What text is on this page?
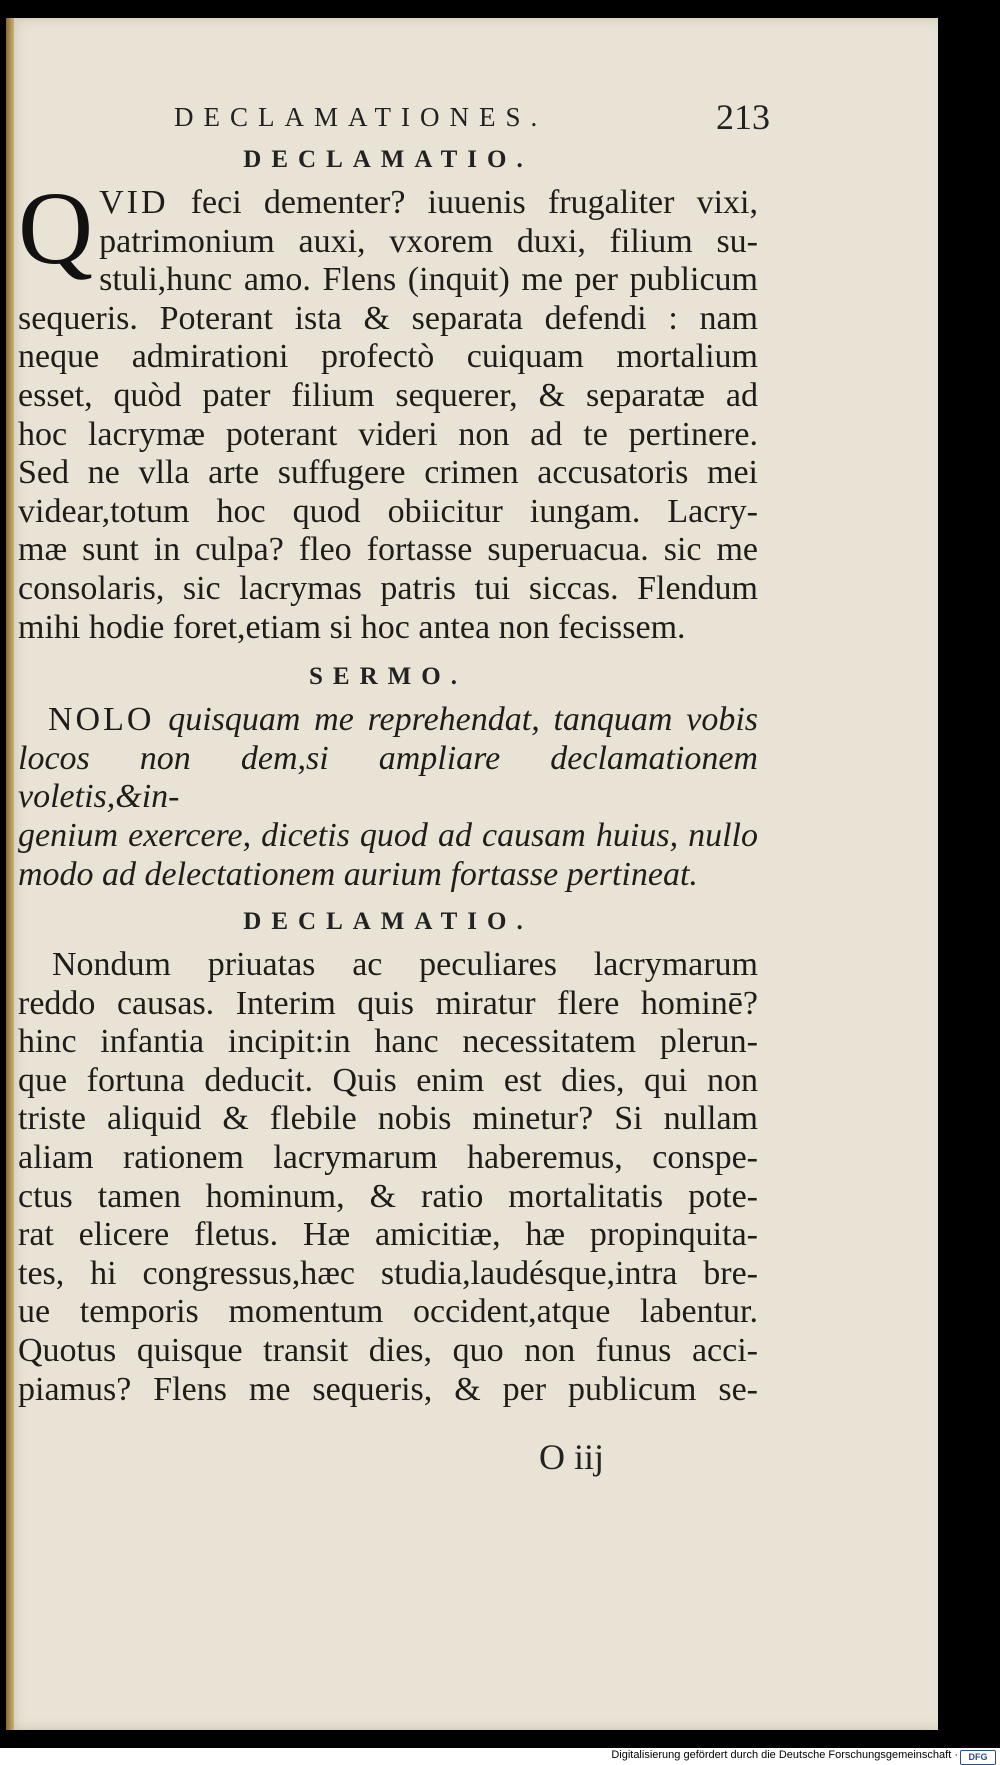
DECLAMATIONES.	213
DECLAMATIO.

Q VID feci dementer? iuuenis frugaliter vixi,

patrimonium auxi, vxorem duxi, filium su-

stuli,hunc amo. Flens (inquit) me per publicum

sequeris. Poterant ista & separata defendi : nam

neque admirationi profectò cuiquam mortalium

esset, quòd pater filium sequerer, & separatæ ad

hoc lacrymæ poterant videri non ad te pertinere.

Sed ne vlla arte suffugere crimen accusatoris mei

videar,totum hoc quod obiicitur iungam. Lacry-

mæ sunt in culpa? fleo fortasse superuacua. sic me

consolaris, sic lacrymas patris tui siccas. Flendum

mihi hodie foret,etiam si hoc antea non fecissem.

SERMO.

NOLO quisquam me reprehendat, tanquam vobis

locos non dem,si ampliare declamationem voletis,&in-

genium exercere, dicetis quod ad causam huius, nullo

modo ad delectationem aurium fortasse pertineat.

DECLAMATIO.

Nondum priuatas ac peculiares lacrymarum

reddo causas. Interim quis miratur flere hominē?

hinc infantia incipit:in hanc necessitatem plerun-

que fortuna deducit. Quis enim est dies, qui non

triste aliquid & flebile nobis minetur? Si nullam

aliam rationem lacrymarum haberemus, conspe-

ctus tamen hominum, & ratio mortalitatis pote-

rat elicere fletus. Hæ amicitiæ, hæ propinquita-

tes, hi congressus,hæc studia,laudésque,intra bre-

ue temporis momentum occident,atque labentur.

Quotus quisque transit dies, quo non funus acci-

piamus? Flens me sequeris, & per publicum se-

O iij
Digitalisierung gefördert durch die Deutsche Forschungsgemeinschaft ·	DFG
